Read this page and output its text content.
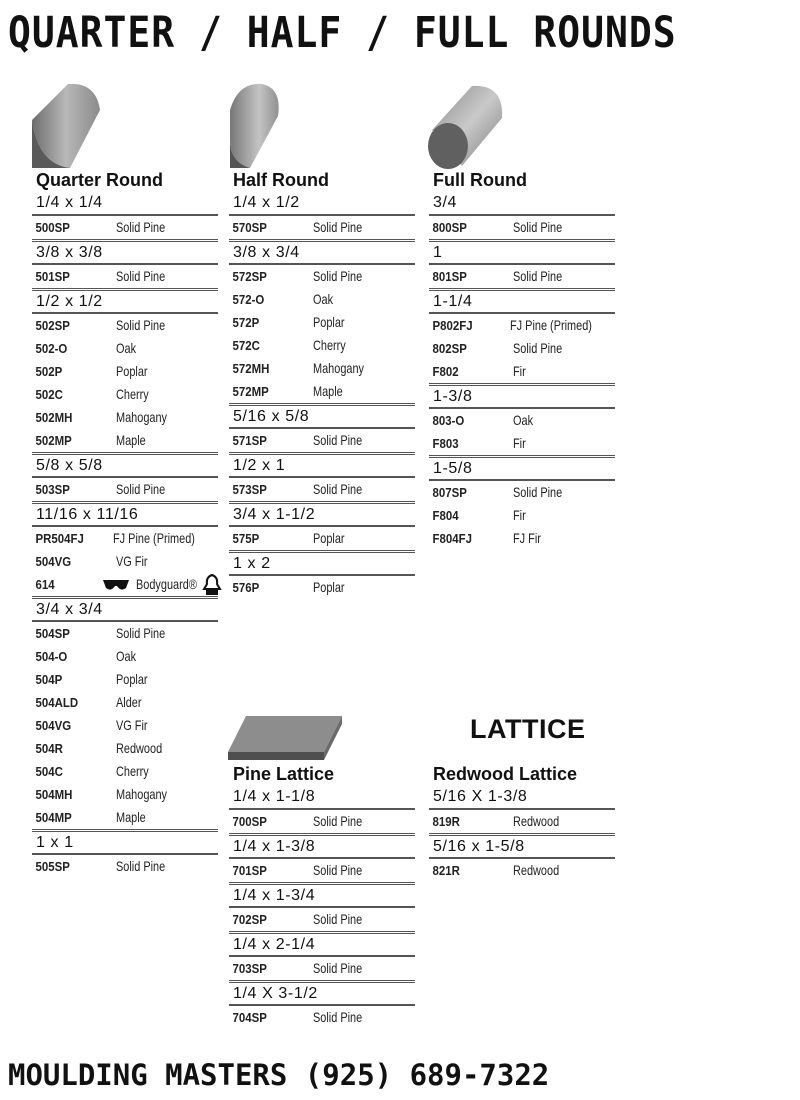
QUARTER / HALF / FULL ROUNDS
LATTICE
Quarter Round
1/4 x 1/4
500SP	Solid Pine
3/8 x 3/8
501SP	Solid Pine
1/2 x 1/2
502SP	Solid Pine
502-O	Oak
502P	Poplar
502C	Cherry
502MH	Mahogany
502MP	Maple
5/8 x 5/8
503SP	Solid Pine
11/16 x 11/16
PR504FJ	FJ Pine (Primed)
504VG	VG Fir
614	Bodyguard®
3/4 x 3/4
504SP	Solid Pine
504-O	Oak
504P	Poplar
504ALD	Alder
504VG	VG Fir
504R	Redwood
504C	Cherry
504MH	Mahogany
504MP	Maple
1 x 1
505SP	Solid Pine
Half Round
1/4 x 1/2
570SP	Solid Pine
3/8 x 3/4
572SP	Solid Pine
572-O	Oak
572P	Poplar
572C	Cherry
572MH	Mahogany
572MP	Maple
5/16 x 5/8
571SP	Solid Pine
1/2 x 1
573SP	Solid Pine
3/4 x 1-1/2
575P	Poplar
1 x 2
576P	Poplar
Full Round
3/4
800SP	Solid Pine
1
801SP	Solid Pine
1-1/4
P802FJ	FJ Pine (Primed)
802SP	Solid Pine
F802	Fir
1-3/8
803-O	Oak
F803	Fir
1-5/8
807SP	Solid Pine
F804	Fir
F804FJ	FJ Fir
Pine Lattice
1/4 x 1-1/8
700SP	Solid Pine
1/4 x 1-3/8
701SP	Solid Pine
1/4 x 1-3/4
702SP	Solid Pine
1/4 x 2-1/4
703SP	Solid Pine
1/4 X 3-1/2
704SP	Solid Pine
Redwood Lattice
5/16 X 1-3/8
819R	Redwood
5/16 x 1-5/8
821R	Redwood
MOULDING MASTERS (925) 689-7322
